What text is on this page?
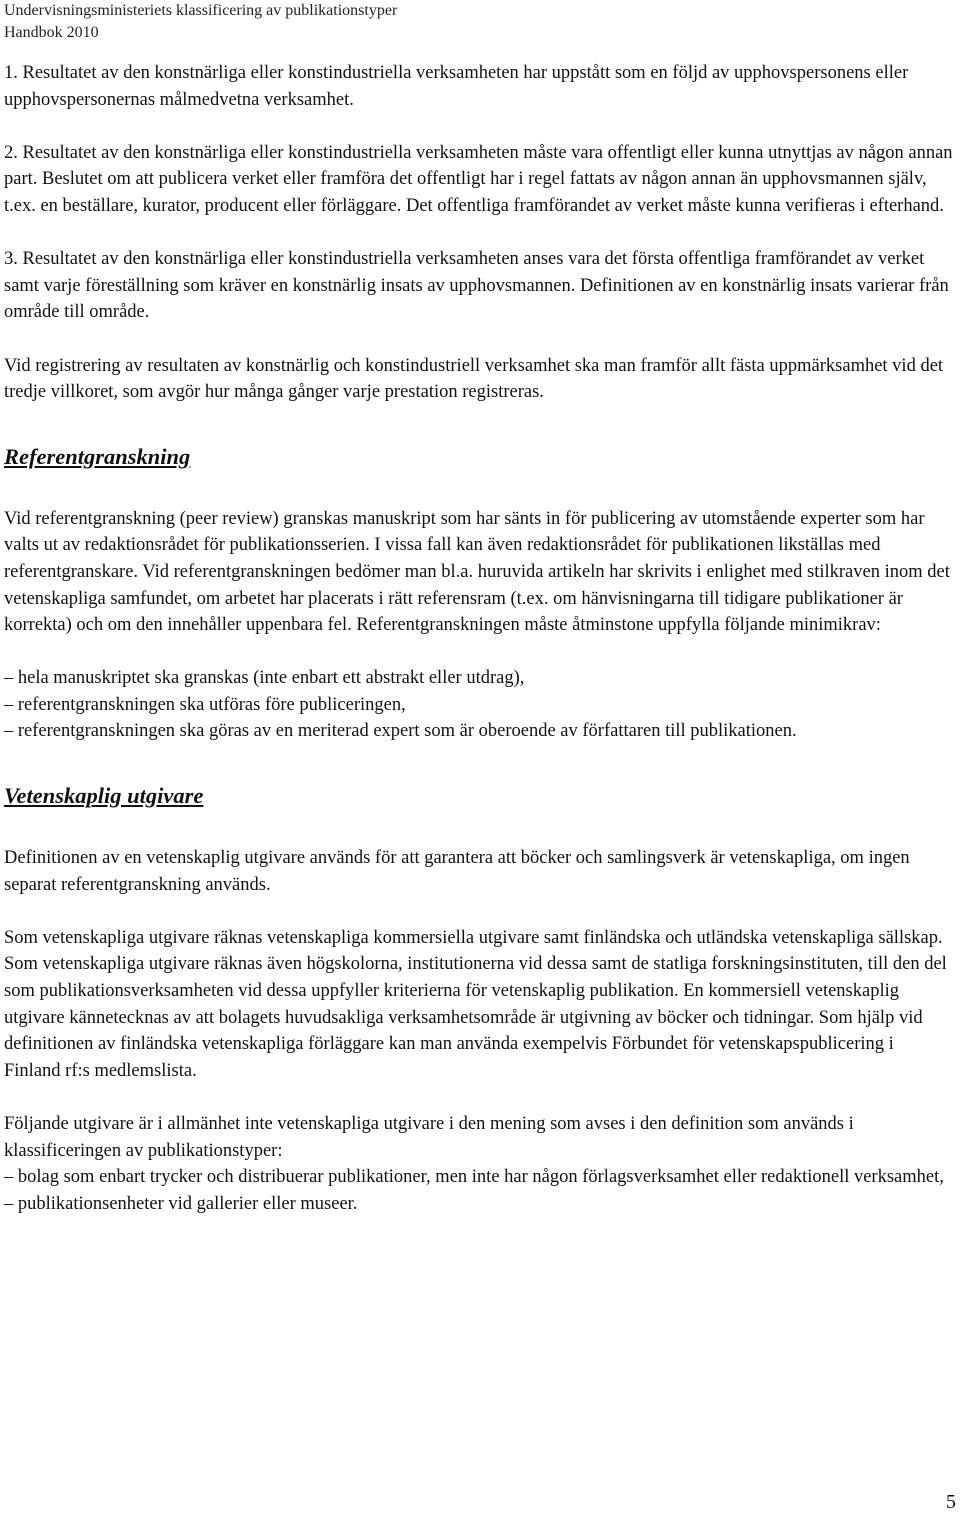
Undervisningsministeriets klassificering av publikationstyper
Handbok 2010

1. Resultatet av den konstnärliga eller konstindustriella verksamheten har uppstått som en följd av upphovspersonens eller upphovspersonernas målmedvetna verksamhet.

2. Resultatet av den konstnärliga eller konstindustriella verksamheten måste vara offentligt eller kunna utnyttjas av någon annan part. Beslutet om att publicera verket eller framföra det offentligt har i regel fattats av någon annan än upphovsmannen själv, t.ex. en beställare, kurator, producent eller förläggare. Det offentliga framförandet av verket måste kunna verifieras i efterhand.

3. Resultatet av den konstnärliga eller konstindustriella verksamheten anses vara det första offentliga framförandet av verket samt varje föreställning som kräver en konstnärlig insats av upphovsmannen. Definitionen av en konstnärlig insats varierar från område till område.

Vid registrering av resultaten av konstnärlig och konstindustriell verksamhet ska man framför allt fästa uppmärksamhet vid det tredje villkoret, som avgör hur många gånger varje prestation registreras.

Referentgranskning

Vid referentgranskning (peer review) granskas manuskript som har sänts in för publicering av utomstående experter som har valts ut av redaktionsrådet för publikationsserien. I vissa fall kan även redaktionsrådet för publikationen likställas med referentgranskare. Vid referentgranskningen bedömer man bl.a. huruvida artikeln har skrivits i enlighet med stilkraven inom det vetenskapliga samfundet, om arbetet har placerats i rätt referensram (t.ex. om hänvisningarna till tidigare publikationer är korrekta) och om den innehåller uppenbara fel. Referentgranskningen måste åtminstone uppfylla följande minimikrav:

– hela manuskriptet ska granskas (inte enbart ett abstrakt eller utdrag),

– referentgranskningen ska utföras före publiceringen,

– referentgranskningen ska göras av en meriterad expert som är oberoende av författaren till publikationen.

Vetenskaplig utgivare

Definitionen av en vetenskaplig utgivare används för att garantera att böcker och samlingsverk är vetenskapliga, om ingen separat referentgranskning används.

Som vetenskapliga utgivare räknas vetenskapliga kommersiella utgivare samt finländska och utländska vetenskapliga sällskap. Som vetenskapliga utgivare räknas även högskolorna, institutionerna vid dessa samt de statliga forskningsinstituten, till den del som publikationsverksamheten vid dessa uppfyller kriterierna för vetenskaplig publikation. En kommersiell vetenskaplig utgivare kännetecknas av att bolagets huvudsakliga verksamhetsområde är utgivning av böcker och tidningar. Som hjälp vid definitionen av finländska vetenskapliga förläggare kan man använda exempelvis Förbundet för vetenskapspublicering i Finland rf:s medlemslista.

Följande utgivare är i allmänhet inte vetenskapliga utgivare i den mening som avses i den definition som används i klassificeringen av publikationstyper:

– bolag som enbart trycker och distribuerar publikationer, men inte har någon förlagsverksamhet eller redaktionell verksamhet,

– publikationsenheter vid gallerier eller museer.

5
